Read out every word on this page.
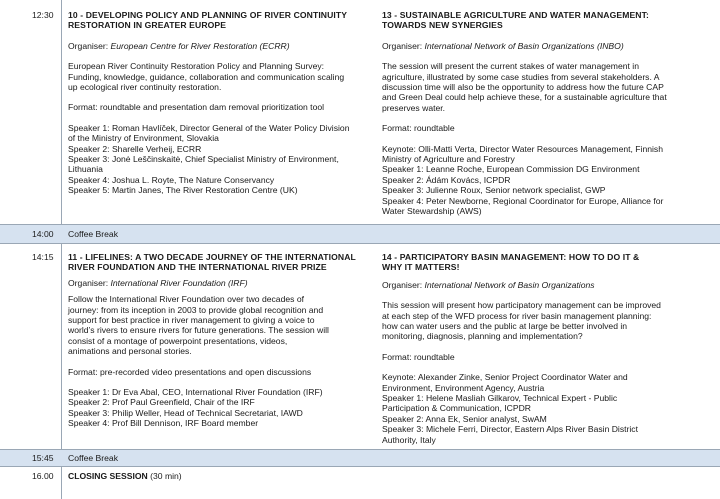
12:30 10 - DEVELOPING POLICY AND PLANNING OF RIVER CONTINUITY
RESTORATION IN GREATER EUROPE

Organiser: European Centre for River Restoration (ECRR)

European River Continuity Restoration Policy and Planning Survey:
Funding, knowledge, guidance, collaboration and communication scaling
up ecological river continuity restoration.

Format: roundtable and presentation dam removal prioritization tool

Speaker 1: Roman Havlíček, Director General of the Water Policy Division
of the Ministry of Environment, Slovakia
Speaker 2: Sharelle Verheij, ECRR
Speaker 3: Jonė Leščinskaitė, Chief Specialist Ministry of Environment,
Lithuania
Speaker 4: Joshua L. Royte, The Nature Conservancy
Speaker 5: Martin Janes, The River Restoration Centre (UK)

13 - SUSTAINABLE AGRICULTURE AND WATER MANAGEMENT:
TOWARDS NEW SYNERGIES

Organiser: International Network of Basin Organizations (INBO)

The session will present the current stakes of water management in
agriculture, illustrated by some case studies from several stakeholders. A
discussion time will also be the opportunity to address how the future CAP
and Green Deal could help achieve these, for a sustainable agriculture that
preserves water.

Format: roundtable

Keynote: Olli-Matti Verta, Director Water Resources Management, Finnish
Ministry of Agriculture and Forestry
Speaker 1: Leanne Roche, European Commission DG Environment
Speaker 2: Ádám Kovács, ICPDR
Speaker 3: Julienne Roux, Senior network specialist, GWP
Speaker 4: Peter Newborne, Regional Coordinator for Europe, Alliance for
Water Stewardship (AWS)

14:00 Coffee Break
14:15 11 - LIFELINES: A TWO DECADE JOURNEY OF THE INTERNATIONAL
RIVER FOUNDATION AND THE INTERNATIONAL RIVER PRIZE

Organiser: International River Foundation (IRF)

Follow the International River Foundation over two decades of
journey: from its inception in 2003 to provide global recognition and
support for best practice in river management to giving a voice to
world’s rivers to ensure rivers for future generations. The session will
consist of a montage of powerpoint presentations, videos,
animations and personal stories.

Format: pre-recorded video presentations and open discussions

Speaker 1: Dr Eva Abal, CEO, International River Foundation (IRF)
Speaker 2: Prof Paul Greenfield, Chair of the IRF
Speaker 3: Philip Weller, Head of Technical Secretariat, IAWD
Speaker 4: Prof Bill Dennison, IRF Board member

14 - PARTICIPATORY BASIN MANAGEMENT: HOW TO DO IT &
WHY IT MATTERS!

Organiser: International Network of Basin Organizations

This session will present how participatory management can be improved
at each step of the WFD process for river basin management planning:
how can water users and the public at large be better involved in
monitoring, diagnosis, planning and implementation?

Format: roundtable

Keynote: Alexander Zinke, Senior Project Coordinator Water and
Environment, Environment Agency, Austria
Speaker 1: Helene Masliah Gilkarov, Technical Expert - Public
Participation & Communication, ICPDR
Speaker 2: Anna Ek, Senior analyst, SwAM
Speaker 3: Michele Ferri, Director, Eastern Alps River Basin District
Authority, Italy

15:45 Coffee Break
16.00 CLOSING SESSION (30 min)
